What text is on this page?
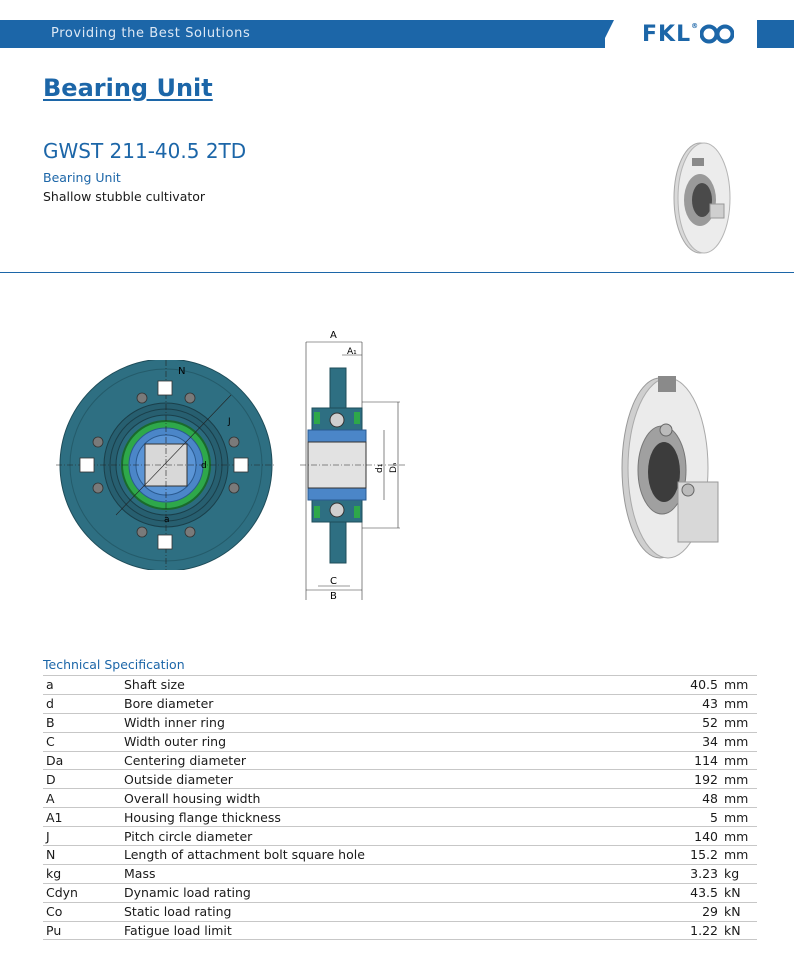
Providing the Best Solutions	FKL®
Bearing Unit
GWST 211-40.5 2TD
Bearing Unit
Shallow stubble cultivator
N
J
d
a
A
A₁
d₁ Dₐ
C
B
Technical Specification
a	Shaft size	40.5	mm
d	Bore diameter	43	mm
B	Width inner ring	52	mm
C	Width outer ring	34	mm
Da	Centering diameter	114	mm
D	Outside diameter	192	mm
A	Overall housing width	48	mm
A1	Housing flange thickness	5	mm
J	Pitch circle diameter	140	mm
N	Length of attachment bolt square hole	15.2	mm
kg	Mass	3.23	kg
Cdyn	Dynamic load rating	43.5	kN
Co	Static load rating	29	kN
Pu	Fatigue load limit	1.22	kN
